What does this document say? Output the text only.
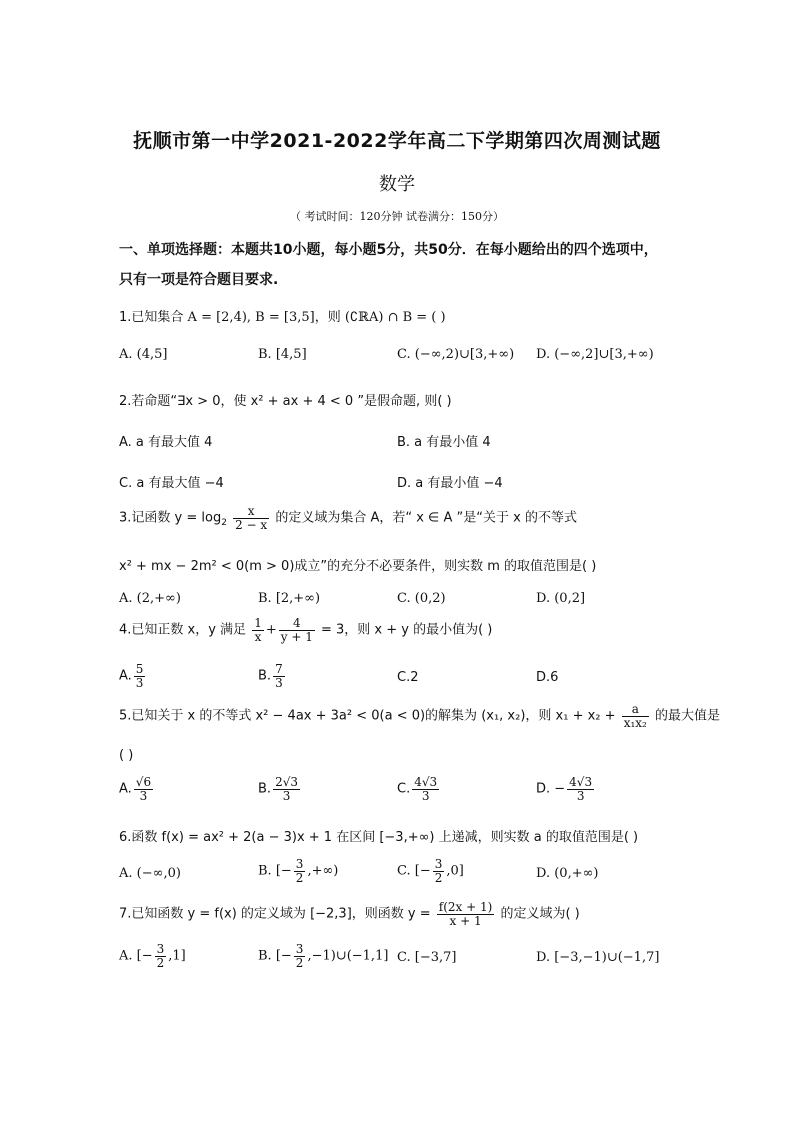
抚顺市第一中学2021-2022学年高二下学期第四次周测试题
数学
（ 考试时间：120分钟 试卷满分：150分）
一、单项选择题：本题共10小题，每小题5分，共50分．在每小题给出的四个选项中，
只有一项是符合题目要求.
1.已知集合 A = [2,4), B = [3,5]，则 (∁ℝA) ∩ B = ( )
A. (4,5]	B. [4,5]	C. (−∞,2)∪[3,+∞) D. (−∞,2]∪[3,+∞)
2.若命题“∃x > 0，使 x² + ax + 4 < 0 ”是假命题, 则( )
A. a 有最大值 4	B. a 有最小值 4
C. a 有最大值 −4	D. a 有最小值 −4
3.记函数 $y = \log_2 \frac{x}{2 - x}$ 的定义域为集合 A，若“ x ∈ A ”是“关于 x 的不等式
x² + mx − 2m² < 0(m > 0)成立”的充分不必要条件，则实数 m 的取值范围是( )
A. (2,+∞)	B. [2,+∞)	C. (0,2)	D. (0,2]
4.已知正数 x，y 满足 $\frac{1}{x} + \frac{4}{y + 1} = 3$，则 x + y 的最小值为( )
A. $\frac{5}{3}$	B. $\frac{7}{3}$	C.2	D.6
5.已知关于 x 的不等式 x² − 4ax + 3a² < 0(a < 0)的解集为 (x₁, x₂)，则 $x_1 + x_2 + \frac{a}{\text{x₁x₂}}$ 的最大值是
( )
A. $\frac{√6}{3}$	B. $\frac{2√3}{3}$	C. $\frac{4√3}{3}$	D. − $\frac{4√3}{3}$
6.函数 f(x) = ax² + 2(a − 3)x + 1 在区间 [−3,+∞) 上递减，则实数 a 的取值范围是( )
A. (−∞,0)	B. [− $\frac{3}{2}$ ,+∞)	C. [− $\frac{3}{2} ,0$]	D. (0,+∞)
7.已知函数 y = f(x) 的定义域为 [−2,3]，则函数 $y = \frac{f(2x + 1)}{x + 1}$ 的定义域为( )
A. [− $\frac{3}{2} ,1$]	B. [− $\frac{3}{2}$ ,−1)∪(−1,1] C. [−3,7]	D. [−3,−1)∪(−1,7]
